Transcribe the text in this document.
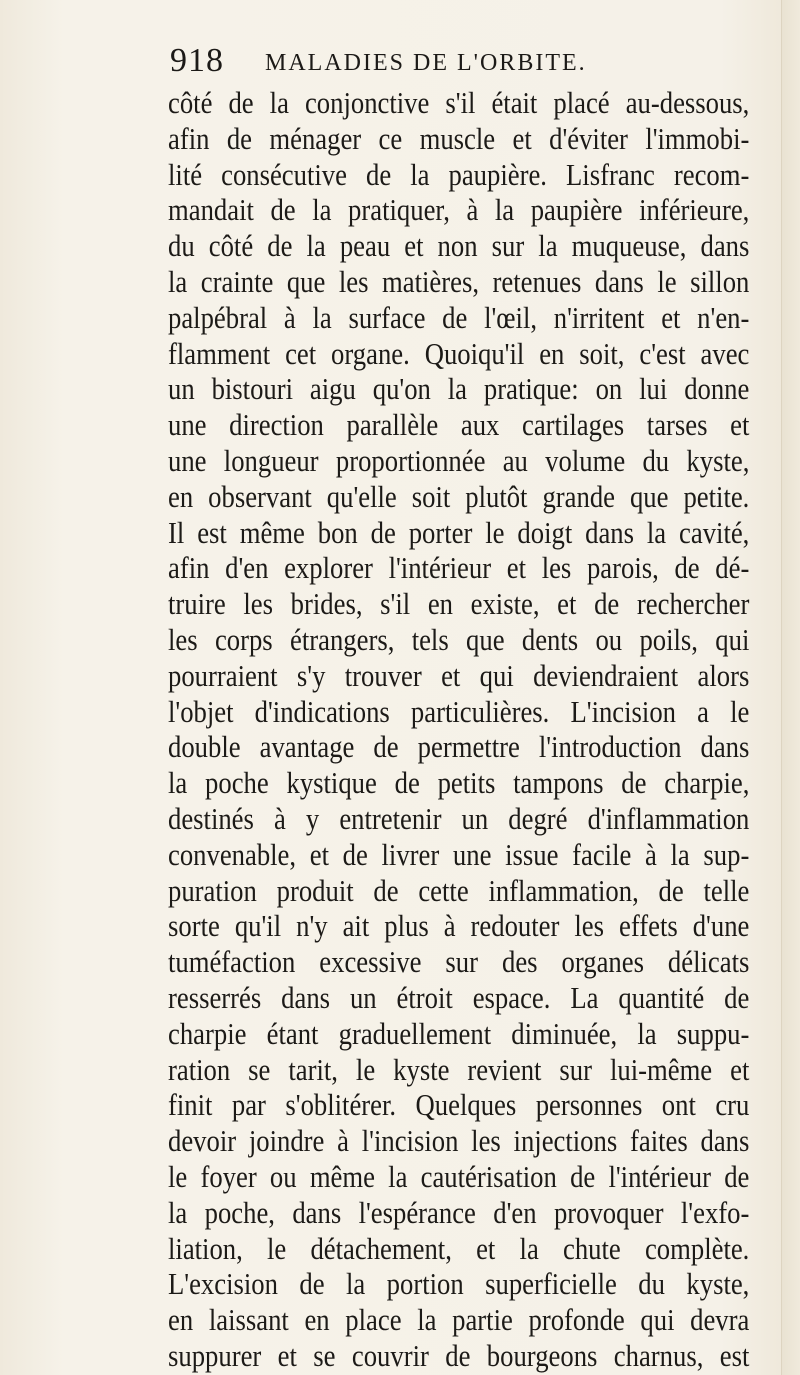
918 MALADIES DE L'ORBITE.
côté de la conjonctive s'il était placé au-dessous,
afin de ménager ce muscle et d'éviter l'immobi-
lité consécutive de la paupière. Lisfranc recom-
mandait de la pratiquer, à la paupière inférieure,
du côté de la peau et non sur la muqueuse, dans
la crainte que les matières, retenues dans le sillon
palpébral à la surface de l'œil, n'irritent et n'en-
flamment cet organe. Quoiqu'il en soit, c'est avec
un bistouri aigu qu'on la pratique: on lui donne
une direction parallèle aux cartilages tarses et
une longueur proportionnée au volume du kyste,
en observant qu'elle soit plutôt grande que petite.
Il est même bon de porter le doigt dans la cavité,
afin d'en explorer l'intérieur et les parois, de dé-
truire les brides, s'il en existe, et de rechercher
les corps étrangers, tels que dents ou poils, qui
pourraient s'y trouver et qui deviendraient alors
l'objet d'indications particulières. L'incision a le
double avantage de permettre l'introduction dans
la poche kystique de petits tampons de charpie,
destinés à y entretenir un degré d'inflammation
convenable, et de livrer une issue facile à la sup-
puration produit de cette inflammation, de telle
sorte qu'il n'y ait plus à redouter les effets d'une
tuméfaction excessive sur des organes délicats
resserrés dans un étroit espace. La quantité de
charpie étant graduellement diminuée, la suppu-
ration se tarit, le kyste revient sur lui-même et
finit par s'oblitérer. Quelques personnes ont cru
devoir joindre à l'incision les injections faites dans
le foyer ou même la cautérisation de l'intérieur de
la poche, dans l'espérance d'en provoquer l'exfo-
liation, le détachement, et la chute complète.
L'excision de la portion superficielle du kyste,
en laissant en place la partie profonde qui devra
suppurer et se couvrir de bourgeons charnus, est
